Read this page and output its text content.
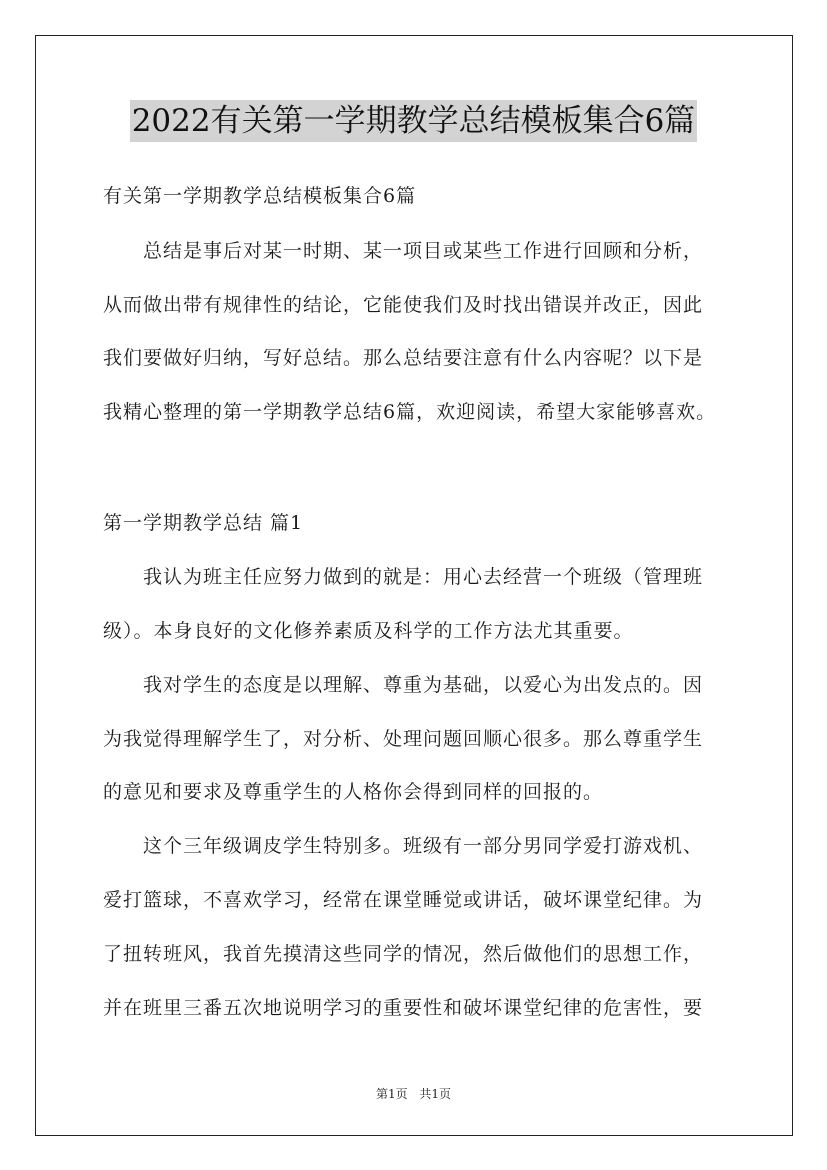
2022有关第一学期教学总结模板集合6篇
有关第一学期教学总结模板集合6篇
总结是事后对某一时期、某一项目或某些工作进行回顾和分析，
从而做出带有规律性的结论，它能使我们及时找出错误并改正，因此
我们要做好归纳，写好总结。那么总结要注意有什么内容呢？以下是
我精心整理的第一学期教学总结6篇，欢迎阅读，希望大家能够喜欢。
第一学期教学总结 篇1
我认为班主任应努力做到的就是：用心去经营一个班级（管理班
级）。本身良好的文化修养素质及科学的工作方法尤其重要。
我对学生的态度是以理解、尊重为基础，以爱心为出发点的。因
为我觉得理解学生了，对分析、处理问题回顺心很多。那么尊重学生
的意见和要求及尊重学生的人格你会得到同样的回报的。
这个三年级调皮学生特别多。班级有一部分男同学爱打游戏机、
爱打篮球，不喜欢学习，经常在课堂睡觉或讲话，破坏课堂纪律。为
了扭转班风，我首先摸清这些同学的情况，然后做他们的思想工作，
并在班里三番五次地说明学习的重要性和破坏课堂纪律的危害性，要
第1页 共1页
